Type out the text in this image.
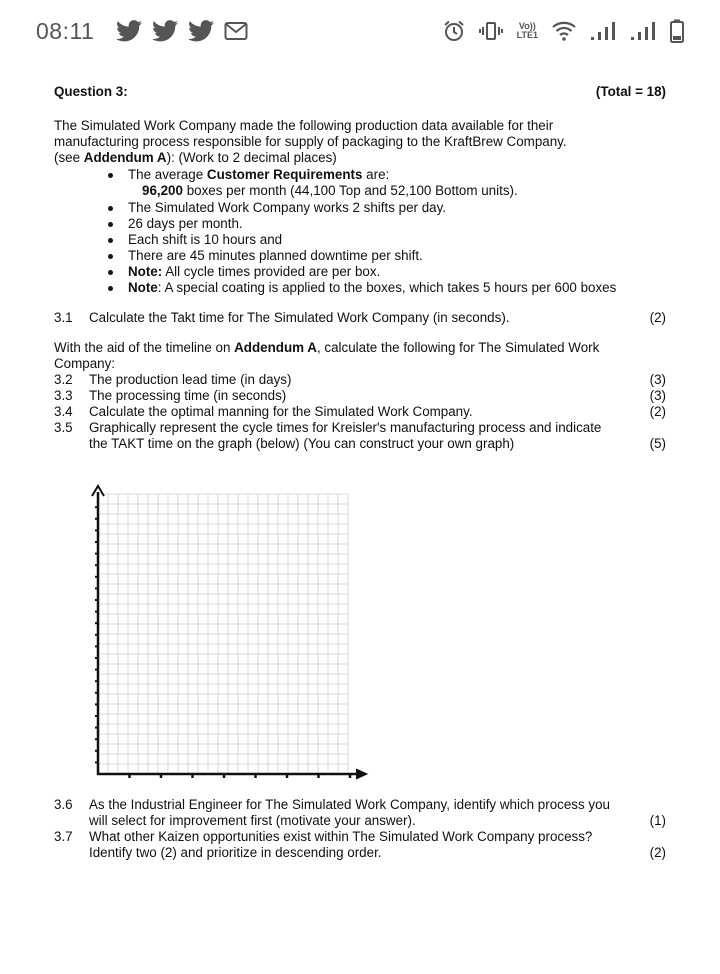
08:11	Vo))
LTE1
Question 3:	(Total = 18)
The Simulated Work Company made the following production data available for their
manufacturing process responsible for supply of packaging to the KraftBrew Company.
(see Addendum A): (Work to 2 decimal places)
The average Customer Requirements are:
96,200 boxes per month (44,100 Top and 52,100 Bottom units).
The Simulated Work Company works 2 shifts per day.
26 days per month.
Each shift is 10 hours and
There are 45 minutes planned downtime per shift.
Note: All cycle times provided are per box.
Note: A special coating is applied to the boxes, which takes 5 hours per 600 boxes
3.1	Calculate the Takt time for The Simulated Work Company (in seconds).	(2)
With the aid of the timeline on Addendum A, calculate the following for The Simulated Work
Company:
3.2	The production lead time (in days)	(3)
3.3	The processing time (in seconds)	(3)
3.4	Calculate the optimal manning for the Simulated Work Company.	(2)
3.5	Graphically represent the cycle times for Kreisler's manufacturing process and indicate
the TAKT time on the graph (below) (You can construct your own graph)	(5)
3.6	As the Industrial Engineer for The Simulated Work Company, identify which process you
will select for improvement first (motivate your answer).	(1)
3.7	What other Kaizen opportunities exist within The Simulated Work Company process?
Identify two (2) and prioritize in descending order.	(2)
